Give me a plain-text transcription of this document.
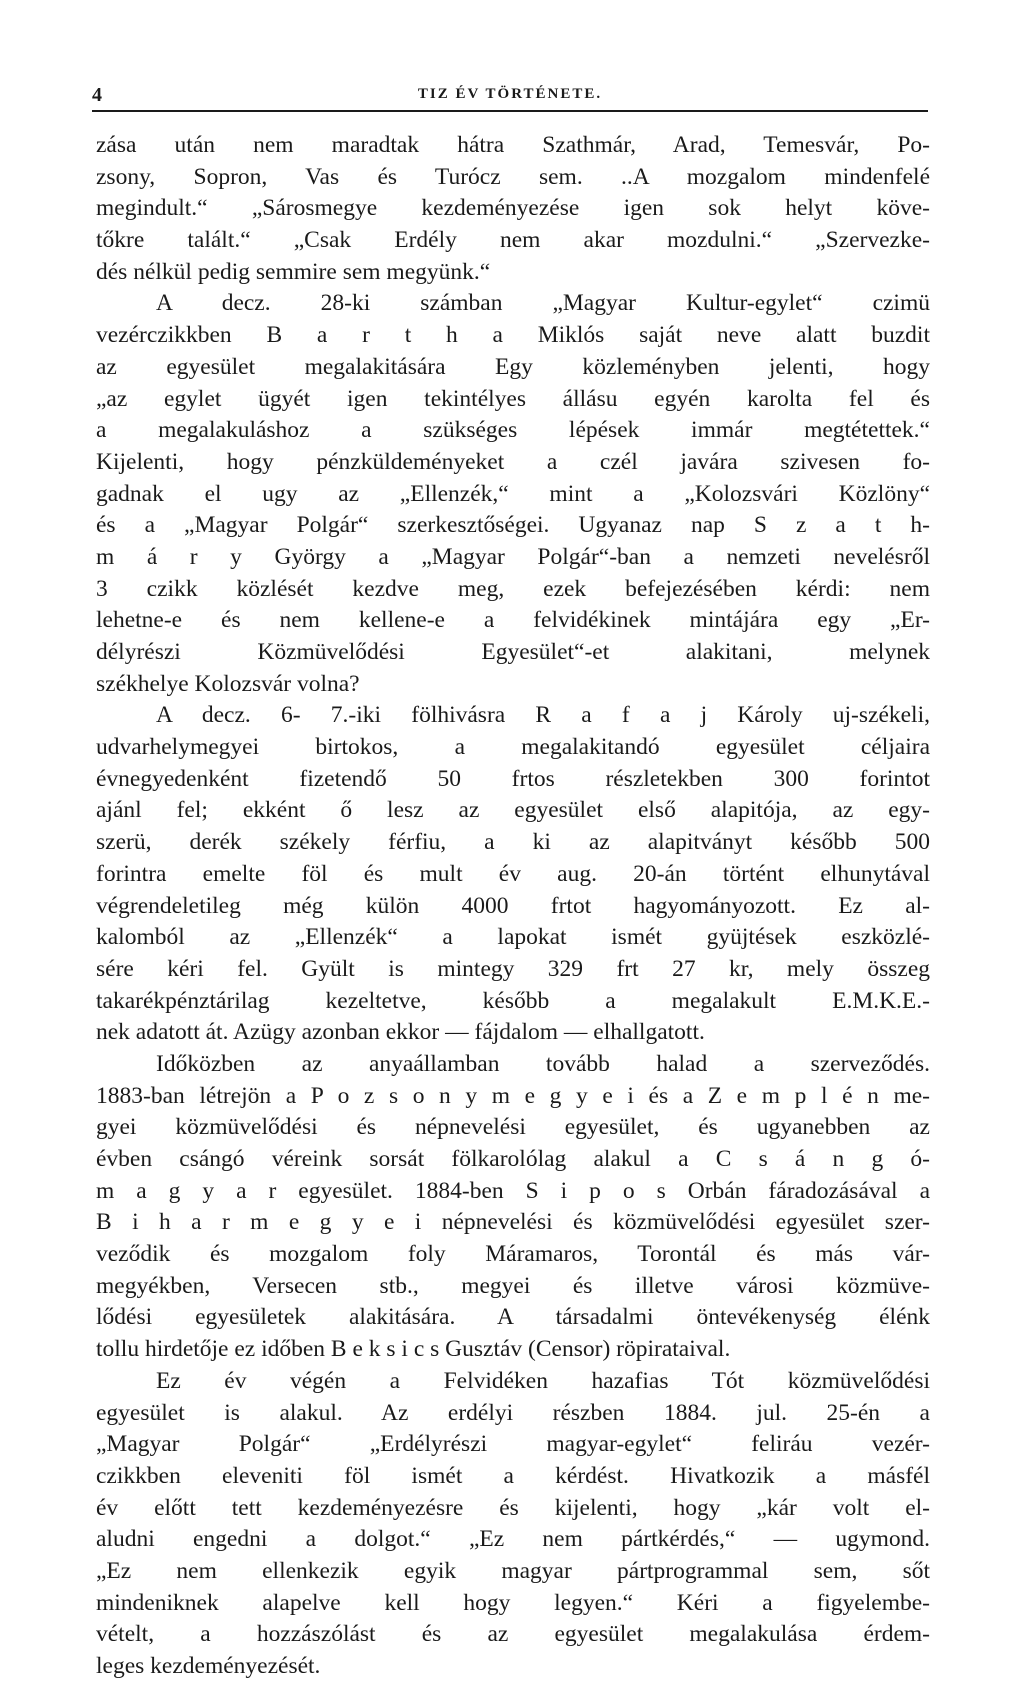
4	TIZ ÉV TÖRTÉNETE.
zása után nem maradtak hátra Szathmár, Arad, Temesvár, Po-
zsony, Sopron, Vas és Turócz sem. ..A mozgalom mindenfelé
megindult.“ „Sárosmegye kezdeményezése igen sok helyt köve-
tőkre talált.“ „Csak Erdély nem akar mozdulni.“ „Szervezke-
dés nélkül pedig semmire sem megyünk.“
A decz. 28-ki számban „Magyar Kultur-egylet“ czimü
vezérczikkben B a r t h a Miklós saját neve alatt buzdit
az egyesület megalakitására Egy közleményben jelenti, hogy
„az egylet ügyét igen tekintélyes állásu egyén karolta fel és
a megalakuláshoz a szükséges lépések immár megtétettek.“
Kijelenti, hogy pénzküldeményeket a czél javára szivesen fo-
gadnak el ugy az „Ellenzék,“ mint a „Kolozsvári Közlöny“
és a „Magyar Polgár“ szerkesztőségei. Ugyanaz nap S z a t h-
m á r y György a „Magyar Polgár“-ban a nemzeti nevelésről
3 czikk közlését kezdve meg, ezek befejezésében kérdi: nem
lehetne-e és nem kellene-e a felvidékinek mintájára egy „Er-
délyrészi Közmüvelődési Egyesület“-et alakitani, melynek
székhelye Kolozsvár volna?
A decz. 6- 7.-iki fölhivásra R a f a j Károly uj-székeli,
udvarhelymegyei birtokos, a megalakitandó egyesület céljaira
évnegyedenként fizetendő 50 frtos részletekben 300 forintot
ajánl fel; ekként ő lesz az egyesület első alapitója, az egy-
szerü, derék székely férfiu, a ki az alapitványt később 500
forintra emelte föl és mult év aug. 20-án történt elhunytával
végrendeletileg még külön 4000 frtot hagyományozott. Ez al-
kalomból az „Ellenzék“ a lapokat ismét gyüjtések eszközlé-
sére kéri fel. Gyült is mintegy 329 frt 27 kr, mely összeg
takarékpénztárilag kezeltetve, később a megalakult E.M.K.E.-
nek adatott át. Azügy azonban ekkor — fájdalom — elhallgatott.
Időközben az anyaállamban tovább halad a szerveződés.
1883-ban létrejön a P o z s o n y m e g y e i és a Z e m p l é n me-
gyei közmüvelődési és népnevelési egyesület, és ugyanebben az
évben csángó véreink sorsát fölkarolólag alakul a C s á n g ó-
m a g y a r egyesület. 1884-ben S i p o s Orbán fáradozásával a
B i h a r m e g y e i népnevelési és közmüvelődési egyesület szer-
veződik és mozgalom foly Máramaros, Torontál és más vár-
megyékben, Versecen stb., megyei és illetve városi közmüve-
lődési egyesületek alakitására. A társadalmi öntevékenység élénk
tollu hirdetője ez időben B e k s i c s Gusztáv (Censor) röpirataival.
Ez év végén a Felvidéken hazafias Tót közmüvelődési
egyesület is alakul. Az erdélyi részben 1884. jul. 25-én a
„Magyar Polgár“ „Erdélyrészi magyar-egylet“ feliráu vezér-
czikkben eleveniti föl ismét a kérdést. Hivatkozik a másfél
év előtt tett kezdeményezésre és kijelenti, hogy „kár volt el-
aludni engedni a dolgot.“ „Ez nem pártkérdés,“ — ugymond.
„Ez nem ellenkezik egyik magyar pártprogrammal sem, sőt
mindeniknek alapelve kell hogy legyen.“ Kéri a figyelembe-
vételt, a hozzászólást és az egyesület megalakulása érdem-
leges kezdeményezését.
